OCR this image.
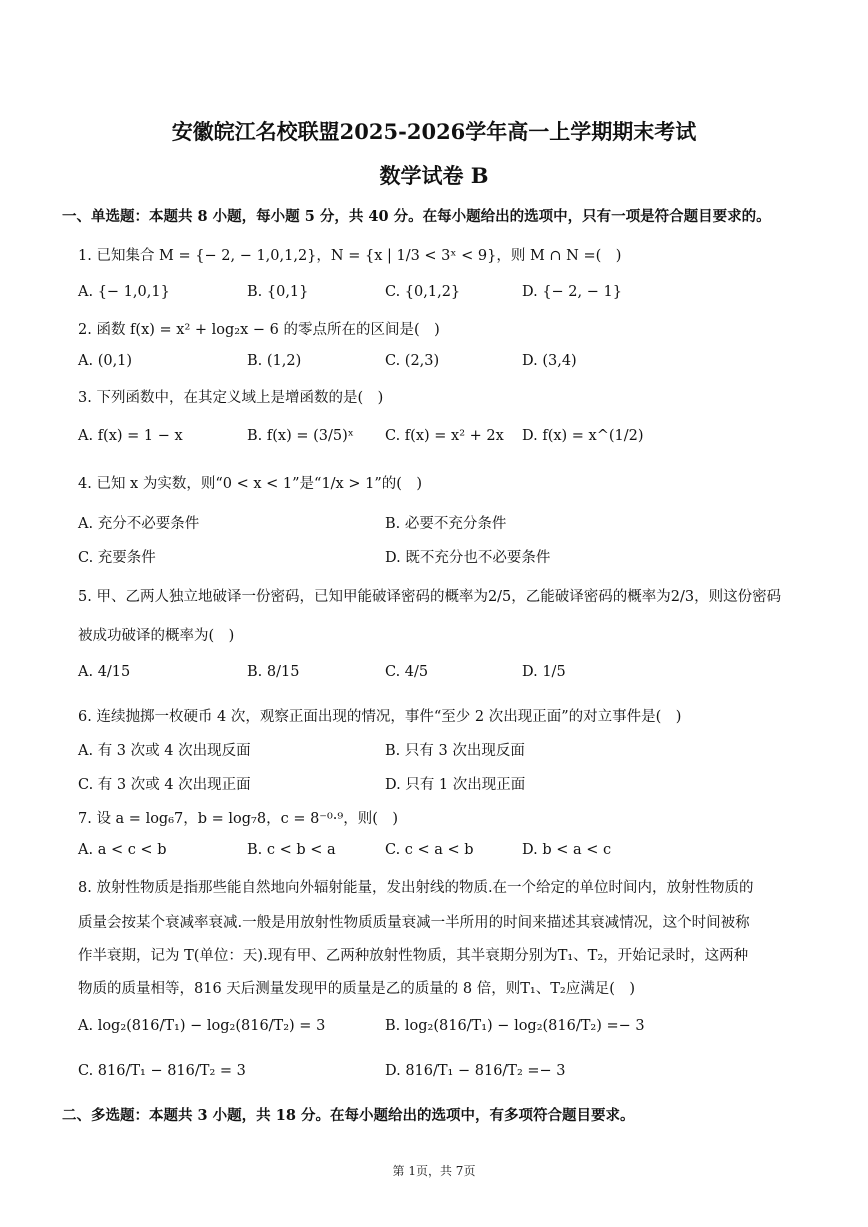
安徽皖江名校联盟2025-2026学年高一上学期期末考试
数学试卷 B
一、单选题：本题共 8 小题，每小题 5 分，共 40 分。在每小题给出的选项中，只有一项是符合题目要求的。
1. 已知集合 M = {− 2, − 1,0,1,2}，N = {x | 1/3 < 3ˣ < 9}，则 M ∩ N =(　)
A. {− 1,0,1}	B. {0,1}	C. {0,1,2}	D. {− 2, − 1}
2. 函数 f(x) = x² + log₂x − 6 的零点所在的区间是(　)
A. (0,1)	B. (1,2)	C. (2,3)	D. (3,4)
3. 下列函数中，在其定义域上是增函数的是(　)
A. f(x) = 1 − x	B. f(x) = (3/5)ˣ C. f(x) = x² + 2x D. f(x) = x^(1/2)
4. 已知 x 为实数，则“0 < x < 1”是“1/x > 1”的(　)
A. 充分不必要条件	B. 必要不充分条件
C. 充要条件	D. 既不充分也不必要条件
5. 甲、乙两人独立地破译一份密码，已知甲能破译密码的概率为2/5，乙能破译密码的概率为2/3，则这份密码
被成功破译的概率为(　)
A. 4/15	B. 8/15	C. 4/5	D. 1/5
6. 连续抛掷一枚硬币 4 次，观察正面出现的情况，事件“至少 2 次出现正面”的对立事件是(　)
A. 有 3 次或 4 次出现反面	B. 只有 3 次出现反面
C. 有 3 次或 4 次出现正面	D. 只有 1 次出现正面
7. 设 a = log₆7，b = log₇8，c = 8⁻⁰·⁹，则(　)
A. a < c < b	B. c < b < a	C. c < a < b	D. b < a < c
8. 放射性物质是指那些能自然地向外辐射能量，发出射线的物质.在一个给定的单位时间内，放射性物质的
质量会按某个衰减率衰减.一般是用放射性物质质量衰减一半所用的时间来描述其衰减情况，这个时间被称
作半衰期，记为 T(单位：天).现有甲、乙两种放射性物质，其半衰期分别为T₁、T₂，开始记录时，这两种
物质的质量相等，816 天后测量发现甲的质量是乙的质量的 8 倍，则T₁、T₂应满足(　)
A. log₂(816/T₁) − log₂(816/T₂) = 3	B. log₂(816/T₁) − log₂(816/T₂) =− 3
C. 816/T₁ − 816/T₂ = 3	D. 816/T₁ − 816/T₂ =− 3
二、多选题：本题共 3 小题，共 18 分。在每小题给出的选项中，有多项符合题目要求。
第 1页，共 7页
